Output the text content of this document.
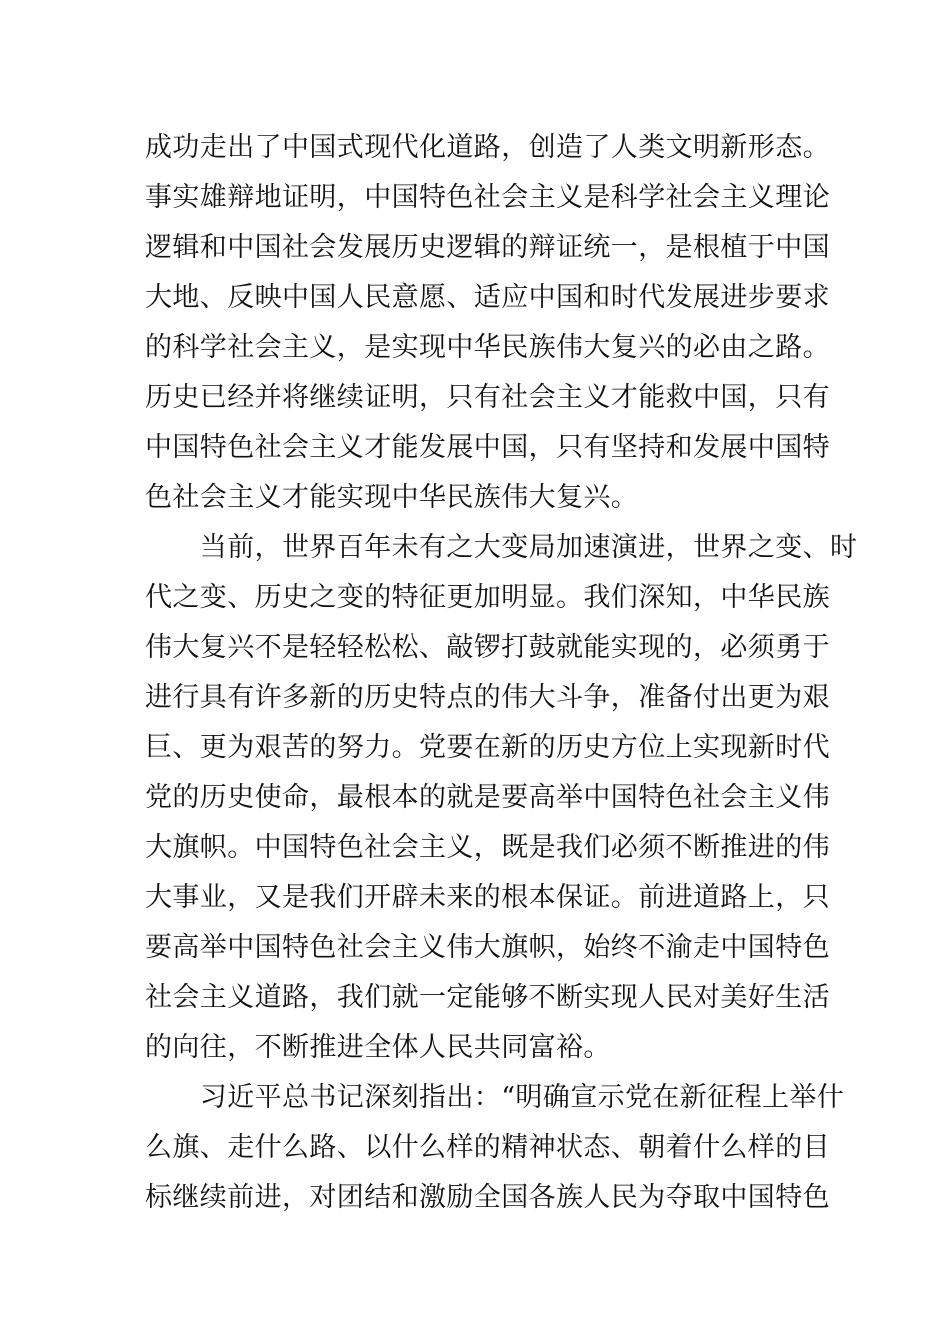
成功走出了中国式现代化道路，创造了人类文明新形态。
事实雄辩地证明，中国特色社会主义是科学社会主义理论
逻辑和中国社会发展历史逻辑的辩证统一，是根植于中国
大地、反映中国人民意愿、适应中国和时代发展进步要求
的科学社会主义，是实现中华民族伟大复兴的必由之路。
历史已经并将继续证明，只有社会主义才能救中国，只有
中国特色社会主义才能发展中国，只有坚持和发展中国特
色社会主义才能实现中华民族伟大复兴。
　　当前，世界百年未有之大变局加速演进，世界之变、时
代之变、历史之变的特征更加明显。我们深知，中华民族
伟大复兴不是轻轻松松、敲锣打鼓就能实现的，必须勇于
进行具有许多新的历史特点的伟大斗争，准备付出更为艰
巨、更为艰苦的努力。党要在新的历史方位上实现新时代
党的历史使命，最根本的就是要高举中国特色社会主义伟
大旗帜。中国特色社会主义，既是我们必须不断推进的伟
大事业，又是我们开辟未来的根本保证。前进道路上，只
要高举中国特色社会主义伟大旗帜，始终不渝走中国特色
社会主义道路，我们就一定能够不断实现人民对美好生活
的向往，不断推进全体人民共同富裕。
　　习近平总书记深刻指出：“明确宣示党在新征程上举什
么旗、走什么路、以什么样的精神状态、朝着什么样的目
标继续前进，对团结和激励全国各族人民为夺取中国特色
